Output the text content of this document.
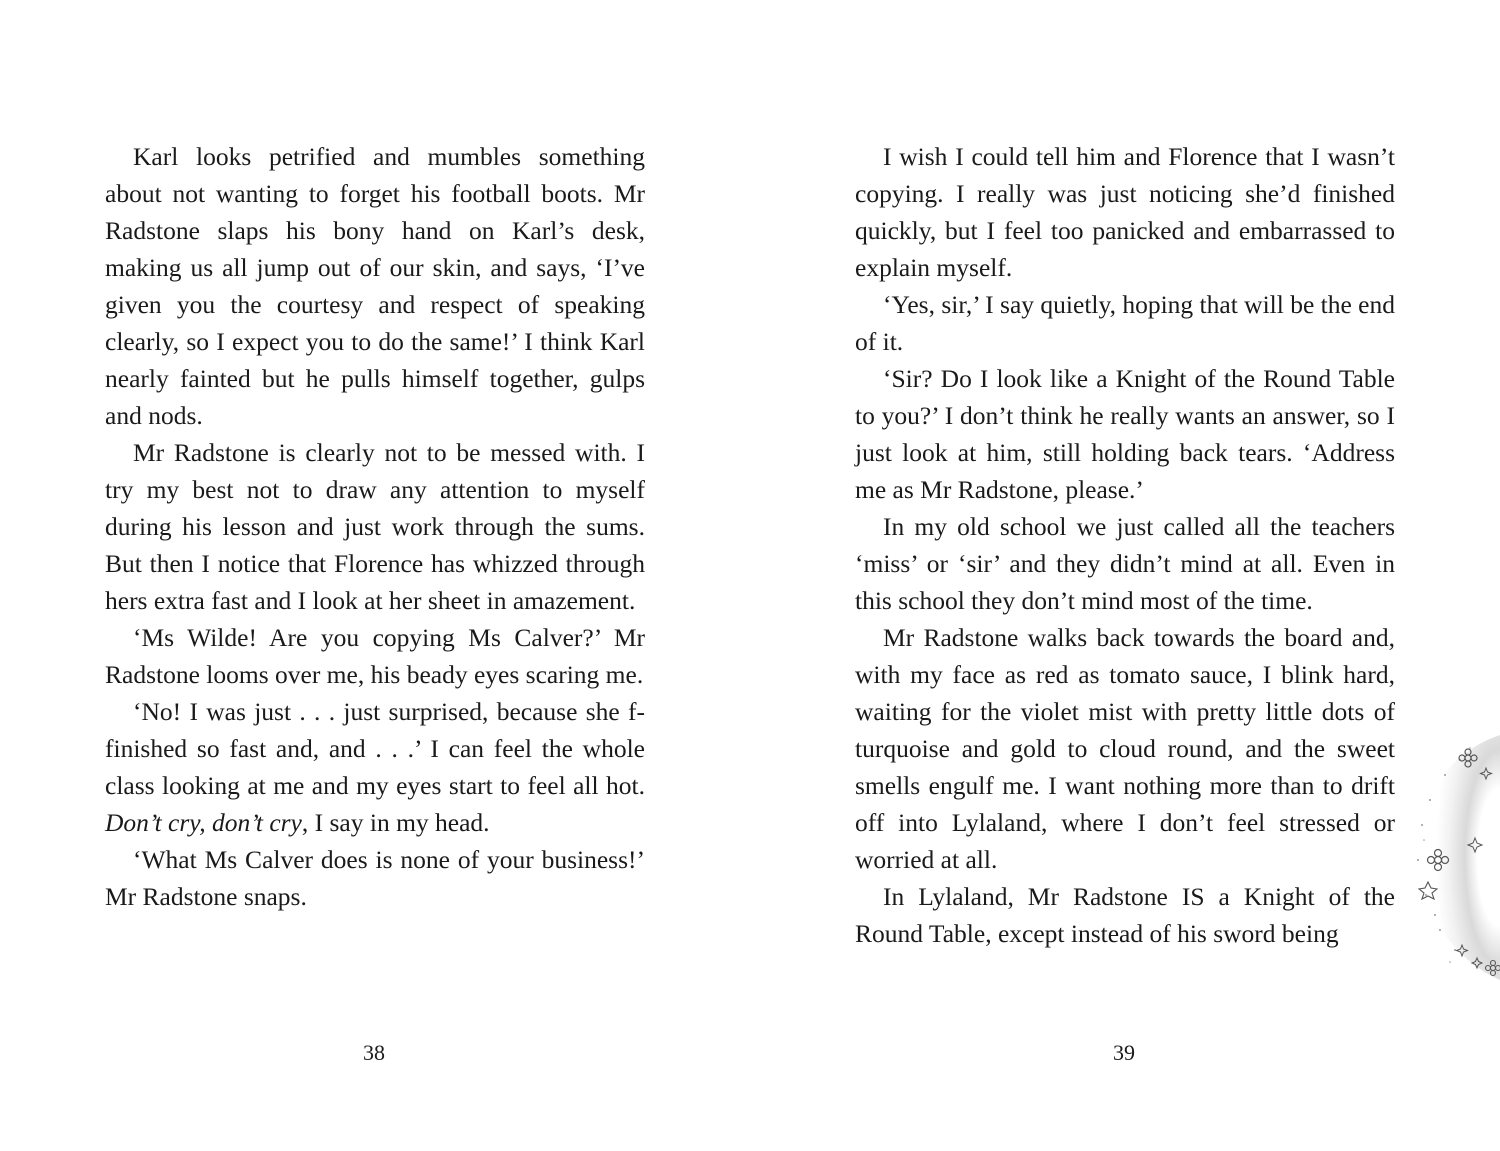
Karl looks petrified and mumbles something about not wanting to forget his football boots. Mr Radstone slaps his bony hand on Karl’s desk, making us all jump out of our skin, and says, ‘I’ve given you the courtesy and respect of speaking clearly, so I expect you to do the same!’ I think Karl nearly fainted but he pulls himself together, gulps and nods.

Mr Radstone is clearly not to be messed with. I try my best not to draw any attention to myself during his lesson and just work through the sums. But then I notice that Florence has whizzed through hers extra fast and I look at her sheet in amazement.

‘Ms Wilde! Are you copying Ms Calver?’ Mr Radstone looms over me, his beady eyes scaring me.

‘No! I was just . . . just surprised, because she f-finished so fast and, and . . .’ I can feel the whole class looking at me and my eyes start to feel all hot. Don’t cry, don’t cry, I say in my head.

‘What Ms Calver does is none of your business!’ Mr Radstone snaps.

38

I wish I could tell him and Florence that I wasn’t copying. I really was just noticing she’d finished quickly, but I feel too panicked and embarrassed to explain myself.

‘Yes, sir,’ I say quietly, hoping that will be the end of it.

‘Sir? Do I look like a Knight of the Round Table to you?’ I don’t think he really wants an answer, so I just look at him, still holding back tears. ‘Address me as Mr Radstone, please.’

In my old school we just called all the teachers ‘miss’ or ‘sir’ and they didn’t mind at all. Even in this school they don’t mind most of the time.

Mr Radstone walks back towards the board and, with my face as red as tomato sauce, I blink hard, waiting for the violet mist with pretty little dots of turquoise and gold to cloud round, and the sweet smells engulf me. I want nothing more than to drift off into Lylaland, where I don’t feel stressed or worried at all.

In Lylaland, Mr Radstone IS a Knight of the Round Table, except instead of his sword being

39
